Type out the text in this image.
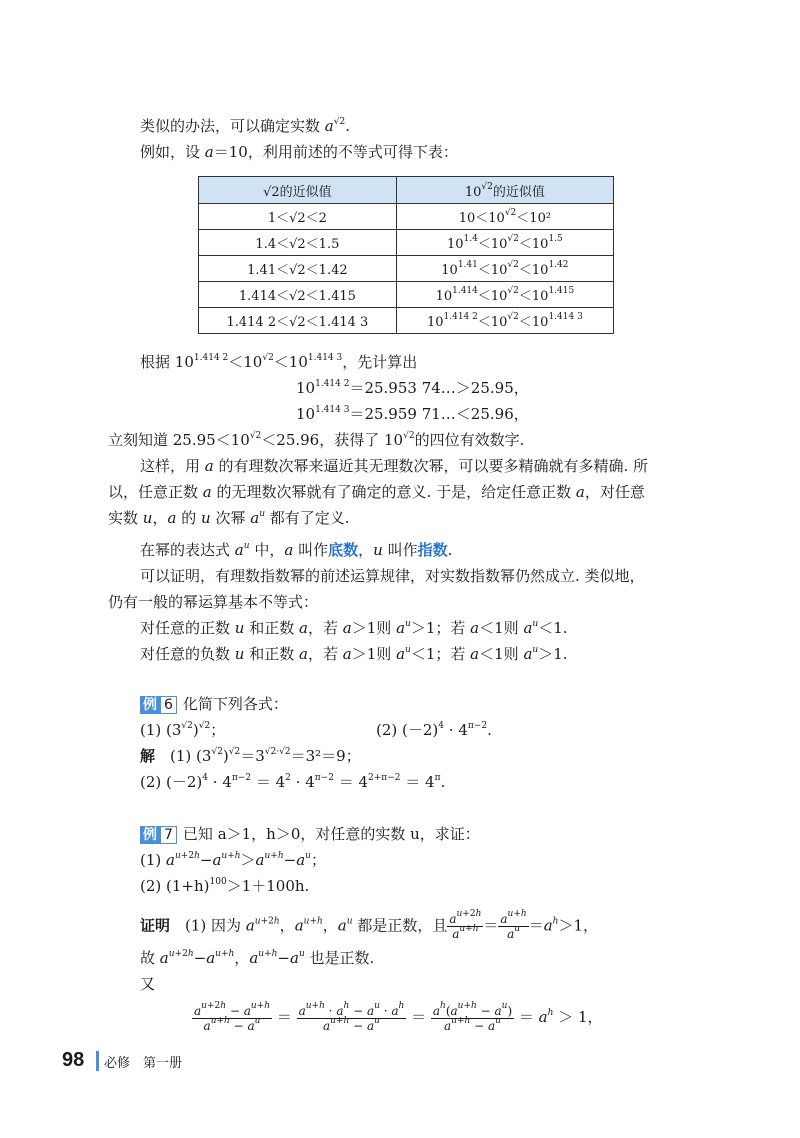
类似的办法，可以确定实数 $a^{√2}$.
例如，设 a＝10，利用前述的不等式可得下表：
√2的近似值	$10^{√2}$的近似值
1＜√2＜2	$10<10^{√2}<10^2$
1.4＜√2＜1.5	$10^{1.4}<10^{√2}<10^{1.5}$
1.41＜√2＜1.42	$10^{1.41}<10^{√2}<10^{1.42}$
1.414＜√2＜1.415	$10^{1.414}<10^{√2}<10^{1.415}$
1.414 2＜√2＜1.414 3	$10^{1.414 2}<10^{√2}<10^{1.414 3}$
根据 $10^{1.414 2}<10^{√2}<10^{1.414 3}$，先计算出
$10^{1.414 2}=25.953$ 74…＞25.95，
$10^{1.414 3}=25.959$ 71…＜25.96，
立刻知道 $25.95<10^{√2}<25.96$，获得了 $10^{√2}$的四位有效数字.
这样，用 a 的有理数次幂来逼近其无理数次幂，可以要多精确就有多精确. 所
以，任意正数 a 的无理数次幂就有了确定的意义. 于是，给定任意正数 a，对任意
实数 u，a 的 u 次幂 $a^u$ 都有了定义.
在幂的表达式 $a^u$ 中，a 叫作底数，u 叫作指数.
可以证明，有理数指数幂的前述运算规律，对实数指数幂仍然成立. 类似地，
仍有一般的幂运算基本不等式：
对任意的正数 u 和正数 a，若 a＞1则 $a^u>1$；若 a＜1则 $a^u<1$.
对任意的负数 u 和正数 a，若 a＞1则 $a^u<1$；若 a＜1则 $a^u>1$.
例 6 化简下列各式：
(1) $(3^{√2})^{√2}$；	(2) $(-2)^4 \cdot 4^{\pi-2}$.
解　 (1) $(3^{√2})^{√2}=3^{√2\cdot√2}=3^2=9$；
(2) $(-2)^4 \cdot 4^{\pi-2} = 4^2 \cdot 4^{\pi-2} = 4^{2+\pi-2} = 4^\pi$.
例 7 已知 a＞1，h＞0，对任意的实数 u，求证：
(1) $a^{u+2h}-a^{u+h}>a^{u+h}-a^u$；
(2) $(1+h)^{100}>1+100h$.
证明　 (1) 因为 $a^{u+2h}$，$a^{u+h}$，$a^u$ 都是正数，且 $\frac{a^{u+2h}}{a^{u+h}} = \frac{a^{u+h}}{a^u} =a^h>1$，
故 $a^{u+2h}-a^{u+h}$，$a^{u+h}-a^u$ 也是正数.
又
$\frac{a^{u+2h} - a^{u+h}}{a^{u+h} - a^u} = \frac{a^{u+h} \cdot a^h - a^u \cdot a^h}{a^{u+h} - a^u} = \frac{a^h(a^{u+h} - a^u)}{a^{u+h} - a^u} = a^h > 1$，
98 必修　第一册
